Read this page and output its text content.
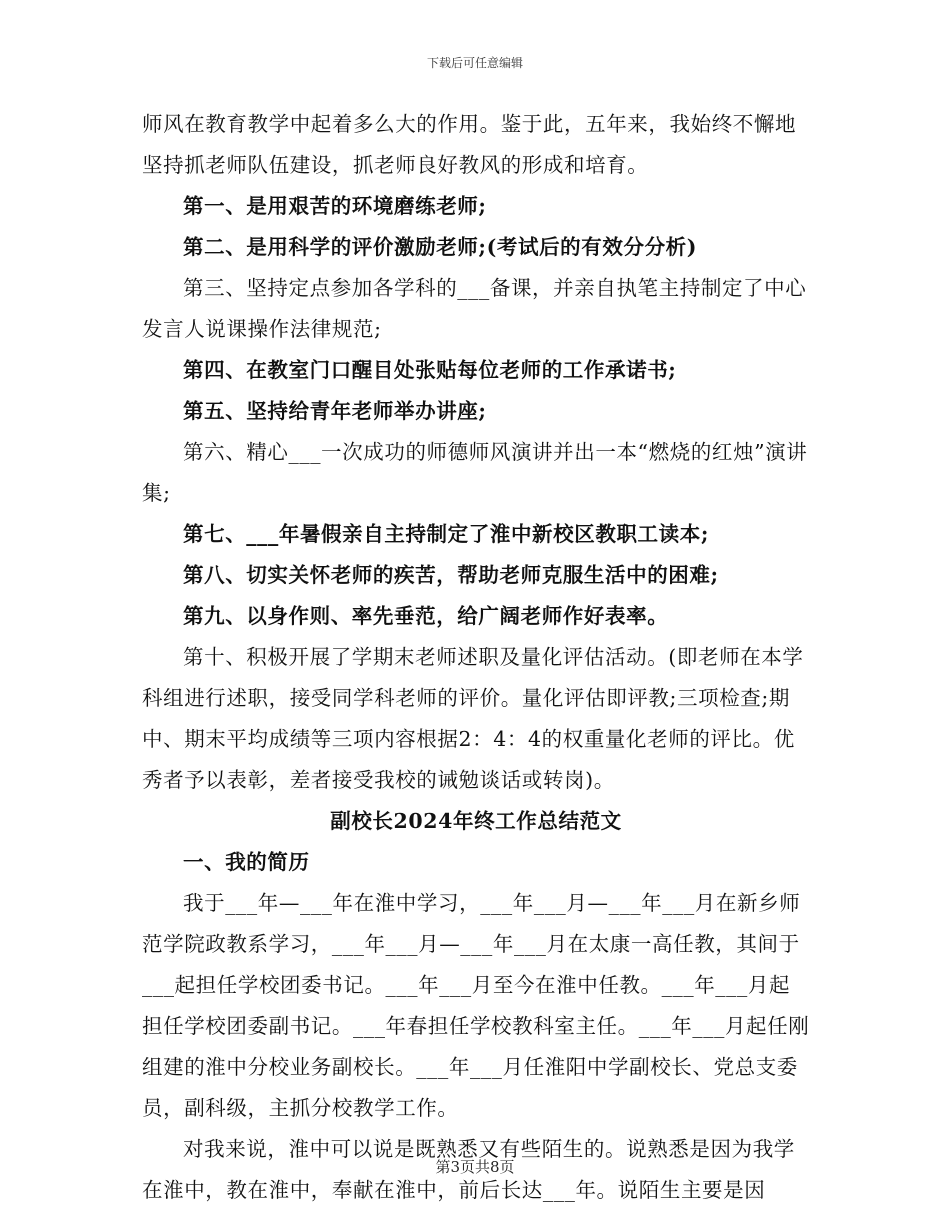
下载后可任意编辑

师风在教育教学中起着多么大的作用。鉴于此，五年来，我始终不懈地坚持抓老师队伍建设，抓老师良好教风的形成和培育。

第一、是用艰苦的环境磨练老师;

第二、是用科学的评价激励老师;(考试后的有效分分析)

第三、坚持定点参加各学科的___备课，并亲自执笔主持制定了中心发言人说课操作法律规范;

第四、在教室门口醒目处张贴每位老师的工作承诺书;

第五、坚持给青年老师举办讲座;

第六、精心___一次成功的师德师风演讲并出一本“燃烧的红烛”演讲集;

第七、___年暑假亲自主持制定了淮中新校区教职工读本;

第八、切实关怀老师的疾苦，帮助老师克服生活中的困难;

第九、以身作则、率先垂范，给广阔老师作好表率。

第十、积极开展了学期末老师述职及量化评估活动。(即老师在本学科组进行述职，接受同学科老师的评价。量化评估即评教;三项检查;期中、期末平均成绩等三项内容根据2：4：4的权重量化老师的评比。优秀者予以表彰，差者接受我校的诫勉谈话或转岗)。

副校长2024年终工作总结范文

一、我的简历

我于___年—___年在淮中学习，___年___月—___年___月在新乡师范学院政教系学习，___年___月—___年___月在太康一高任教，其间于___起担任学校团委书记。___年___月至今在淮中任教。___年___月起担任学校团委副书记。___年春担任学校教科室主任。___年___月起任刚组建的淮中分校业务副校长。___年___月任淮阳中学副校长、党总支委员，副科级，主抓分校教学工作。

对我来说，淮中可以说是既熟悉又有些陌生的。说熟悉是因为我学在淮中，教在淮中，奉献在淮中，前后长达___年。说陌生主要是因

第3页共8页
